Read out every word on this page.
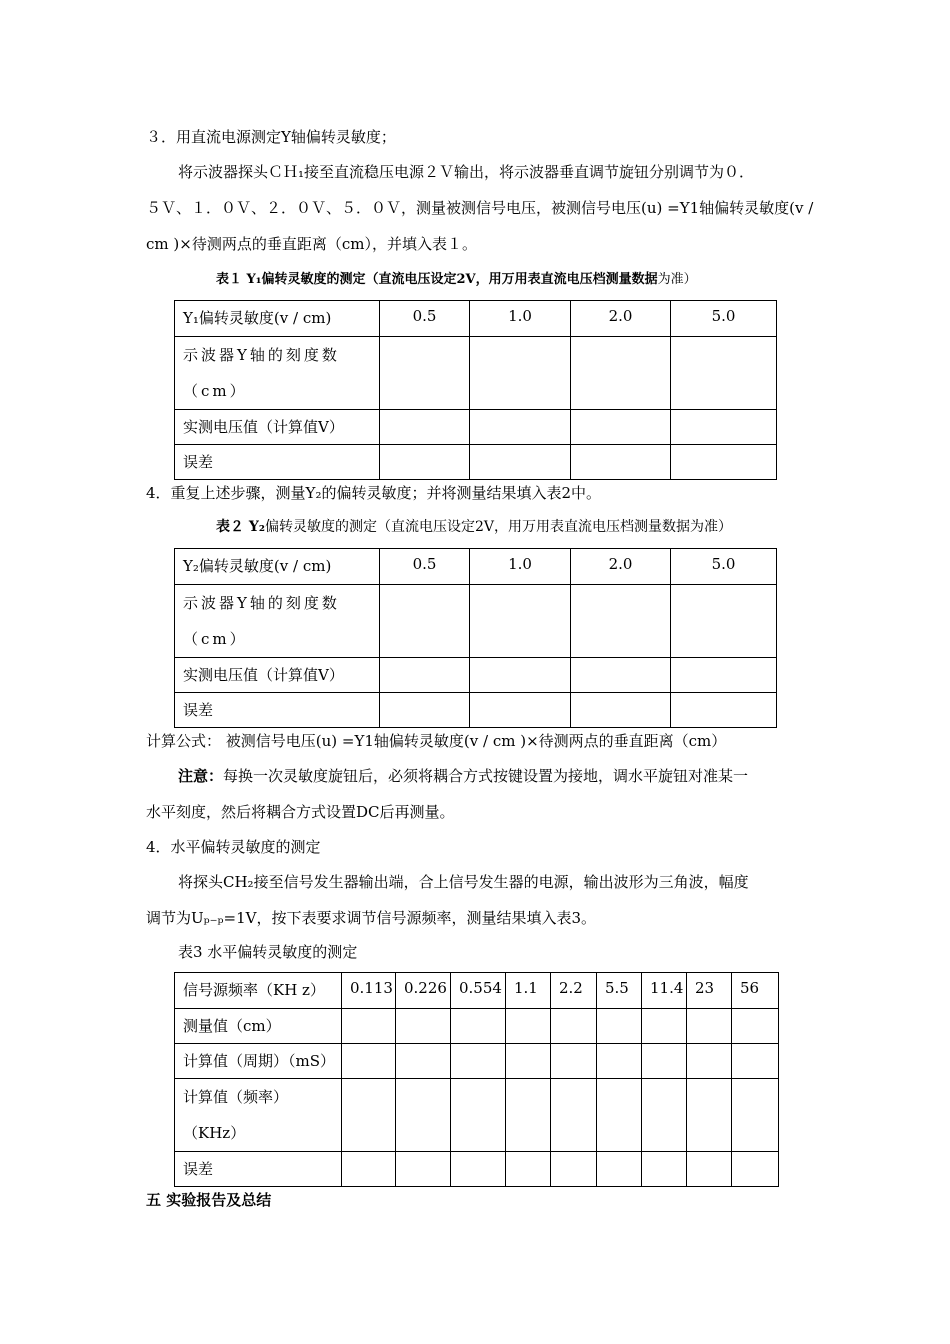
３．用直流电源测定Y轴偏转灵敏度；
将示波器探头ＣＨ₁接至直流稳压电源２Ｖ输出，将示波器垂直调节旋钮分别调节为０．
５Ｖ、１．０Ｖ、２．０Ｖ、５．０Ｖ，测量被测信号电压，被测信号电压(u) =Y1轴偏转灵敏度(v /
cm )×待测两点的垂直距离（cm），并填入表１。
表１ Y₁偏转灵敏度的测定（直流电压设定2V，用万用表直流电压档测量数据为准）
Y₁偏转灵敏度(v / cm)	0.5	1.0	2.0	5.0
示波器Y轴的刻度数（cm）				
实测电压值（计算值V）				
误差				
4．重复上述步骤，测量Y₂的偏转灵敏度；并将测量结果填入表2中。
表２ Y₂偏转灵敏度的测定（直流电压设定2V，用万用表直流电压档测量数据为准）
Y₂偏转灵敏度(v / cm)	0.5	1.0	2.0	5.0
示波器Y轴的刻度数（cm）				
实测电压值（计算值V）				
误差				
计算公式： 被测信号电压(u) =Y1轴偏转灵敏度(v / cm )×待测两点的垂直距离（cm）
注意：每换一次灵敏度旋钮后，必须将耦合方式按键设置为接地，调水平旋钮对准某一
水平刻度，然后将耦合方式设置DC后再测量。
4．水平偏转灵敏度的测定
将探头CH₂接至信号发生器输出端，合上信号发生器的电源，输出波形为三角波，幅度
调节为Uₚ₋ₚ=1V，按下表要求调节信号源频率，测量结果填入表3。
表3 水平偏转灵敏度的测定
信号源频率（KH z）	0.113	0.226	0.554	1.1	2.2	5.5	11.4	23	56
测量值（cm）									
计算值（周期）（mS）									
计算值（频率）（KHz）									
误差									
五 实验报告及总结
